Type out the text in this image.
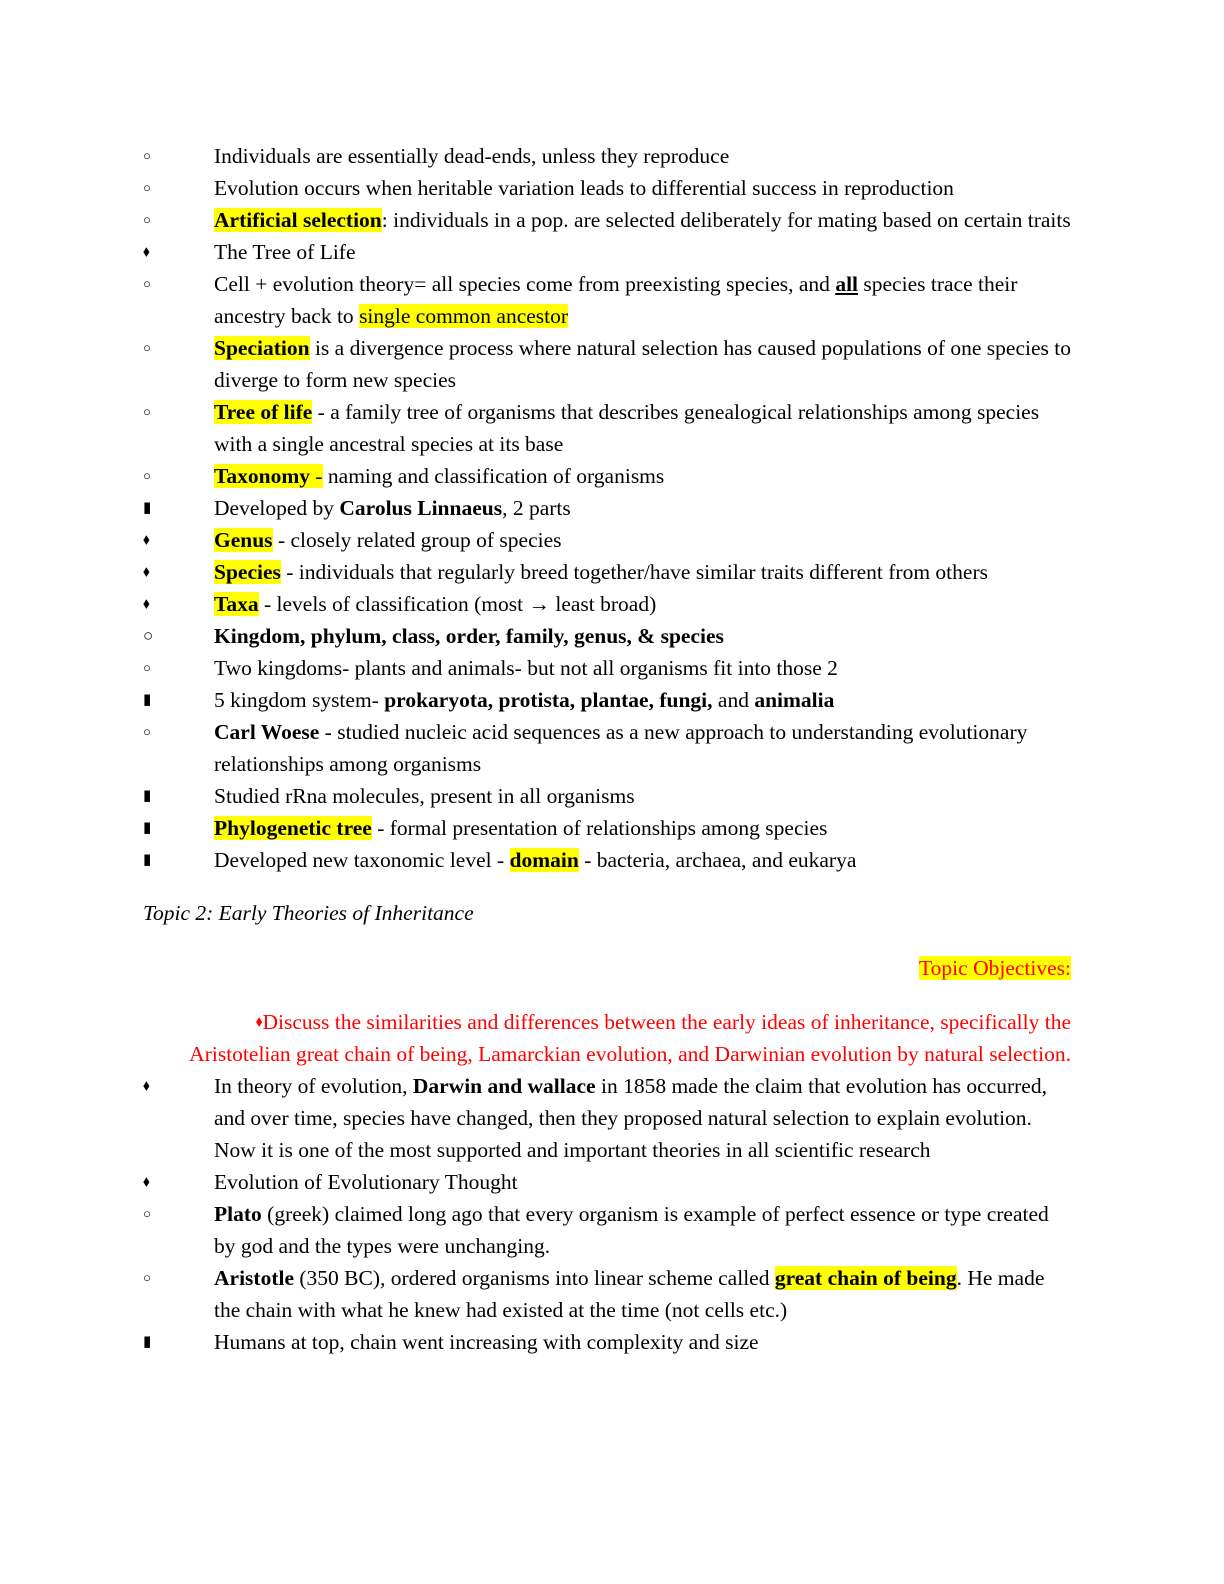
○	Individuals are essentially dead-ends, unless they reproduce

○	Evolution occurs when heritable variation leads to differential success in reproduction

○	Artificial selection: individuals in a pop. are selected deliberately for mating based on certain traits

⬧	The Tree of Life

○	Cell + evolution theory= all species come from preexisting species, and all species trace their ancestry back to single common ancestor

○	Speciation is a divergence process where natural selection has caused populations of one species to diverge to form new species

○	Tree of life - a family tree of organisms that describes genealogical relationships among species with a single ancestral species at its base

○	Taxonomy - naming and classification of organisms

▮	Developed by Carolus Linnaeus, 2 parts

⬧	Genus - closely related group of species

⬧	Species - individuals that regularly breed together/have similar traits different from others

⬧	Taxa - levels of classification (most → least broad)

○	Kingdom, phylum, class, order, family, genus, & species

○	Two kingdoms- plants and animals- but not all organisms fit into those 2

▮	5 kingdom system- prokaryota, protista, plantae, fungi, and animalia

○	Carl Woese - studied nucleic acid sequences as a new approach to understanding evolutionary relationships among organisms

▮	Studied rRna molecules, present in all organisms

▮	Phylogenetic tree - formal presentation of relationships among species

▮	Developed new taxonomic level - domain - bacteria, archaea, and eukarya

Topic 2: Early Theories of Inheritance

Topic Objectives:

⬧Discuss the similarities and differences between the early ideas of inheritance, specifically the Aristotelian great chain of being, Lamarckian evolution, and Darwinian evolution by natural selection.

⬧	In theory of evolution, Darwin and wallace in 1858 made the claim that evolution has occurred, and over time, species have changed, then they proposed natural selection to explain evolution. Now it is one of the most supported and important theories in all scientific research

⬧	Evolution of Evolutionary Thought

○	Plato (greek) claimed long ago that every organism is example of perfect essence or type created by god and the types were unchanging.

○	Aristotle (350 BC), ordered organisms into linear scheme called great chain of being. He made the chain with what he knew had existed at the time (not cells etc.)

▮	Humans at top, chain went increasing with complexity and size
